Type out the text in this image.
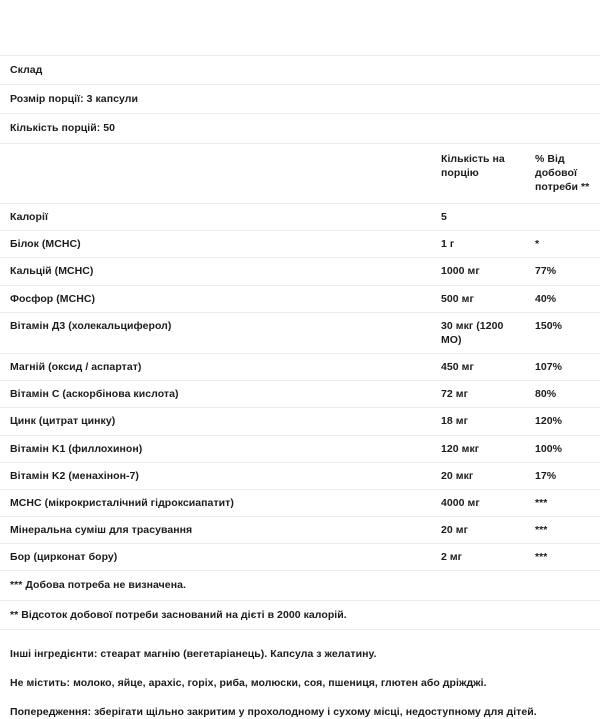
Склад		
Розмір порції: 3 капсули		
Кількість порцій: 50		

	Кількість на порцію	% Від добової потреби **

Калорії	5	
Білок (MCHC)	1 г	*
Кальцій (MCHC)	1000 мг	77%
Фосфор (MCHC)	500 мг	40%
Вітамін Д3 (холекальциферол)	30 мкг (1200 МО)	150%
Магній (оксид / аспартат)	450 мг	107%
Вітамін С (аскорбінова кислота)	72 мг	80%
Цинк (цитрат цинку)	18 мг	120%
Вітамін K1 (филлохинон)	120 мкг	100%
Вітамін K2 (менахінон-7)	20 мкг	17%
MCHC (мікрокристалічний гідроксиапатит)	4000 мг	***
Мінеральна суміш для трасування	20 мг	***
Бор (цирконат бору)	2 мг	***
*** Добова потреба не визначена.		
** Відсоток добової потреби заснований на дієті в 2000 калорій.		
Інші інгредієнти: стеарат магнію (вегетаріанець). Капсула з желатину.
Не містить: молоко, яйце, арахіс, горіх, риба, молюски, соя, пшениця, глютен або дріжджі.
Попередження: зберігати щільно закритим у прохолодному і сухому місці, недоступному для дітей.
